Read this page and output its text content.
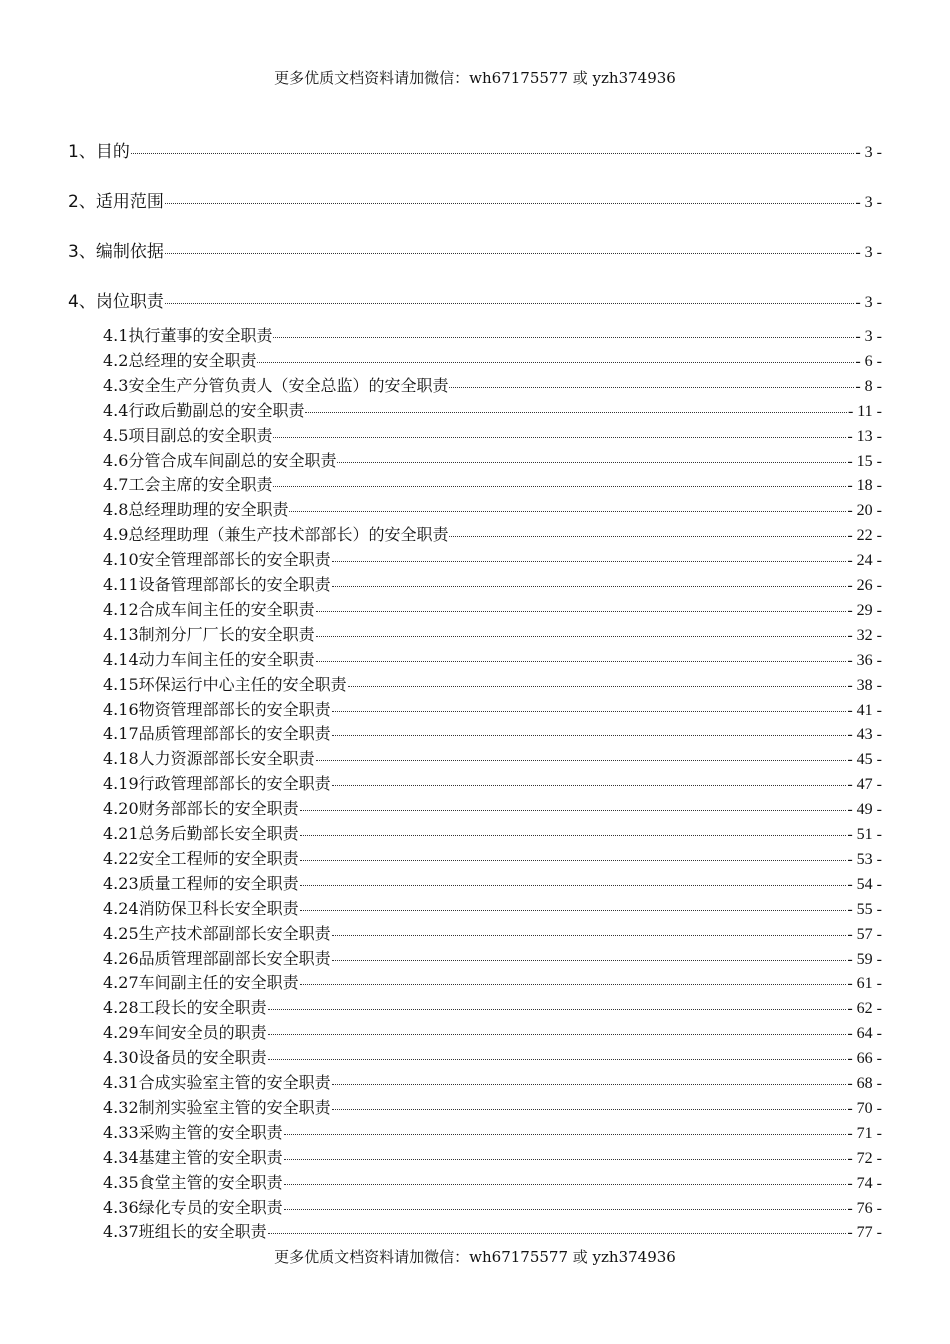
更多优质文档资料请加微信：wh67175577 或 yzh374936
1、 目的	- 3 -
2、 适用范围	- 3 -
3、 编制依据	- 3 -
4、 岗位职责	- 3 -
4.1 执行董事的安全职责	- 3 -
4.2 总经理的安全职责	- 6 -
4.3 安全生产分管负责人（安全总监）的安全职责	- 8 -
4.4 行政后勤副总的安全职责	- 11 -
4.5 项目副总的安全职责	- 13 -
4.6 分管合成车间副总的安全职责	- 15 -
4.7 工会主席的安全职责	- 18 -
4.8 总经理助理的安全职责	- 20 -
4.9 总经理助理（兼生产技术部部长）的安全职责	- 22 -
4.10 安全管理部部长的安全职责	- 24 -
4.11 设备管理部部长的安全职责	- 26 -
4.12 合成车间主任的安全职责	- 29 -
4.13 制剂分厂厂长的安全职责	- 32 -
4.14 动力车间主任的安全职责	- 36 -
4.15 环保运行中心主任的安全职责	- 38 -
4.16 物资管理部部长的安全职责	- 41 -
4.17 品质管理部部长的安全职责	- 43 -
4.18 人力资源部部长安全职责	- 45 -
4.19 行政管理部部长的安全职责	- 47 -
4.20 财务部部长的安全职责	- 49 -
4.21 总务后勤部长安全职责	- 51 -
4.22 安全工程师的安全职责	- 53 -
4.23 质量工程师的安全职责	- 54 -
4.24 消防保卫科长安全职责	- 55 -
4.25 生产技术部副部长安全职责	- 57 -
4.26 品质管理部副部长安全职责	- 59 -
4.27 车间副主任的安全职责	- 61 -
4.28 工段长的安全职责	- 62 -
4.29 车间安全员的职责	- 64 -
4.30 设备员的安全职责	- 66 -
4.31 合成实验室主管的安全职责	- 68 -
4.32 制剂实验室主管的安全职责	- 70 -
4.33 采购主管的安全职责	- 71 -
4.34 基建主管的安全职责	- 72 -
4.35 食堂主管的安全职责	- 74 -
4.36 绿化专员的安全职责	- 76 -
4.37 班组长的安全职责	- 77 -
更多优质文档资料请加微信：wh67175577 或 yzh374936
